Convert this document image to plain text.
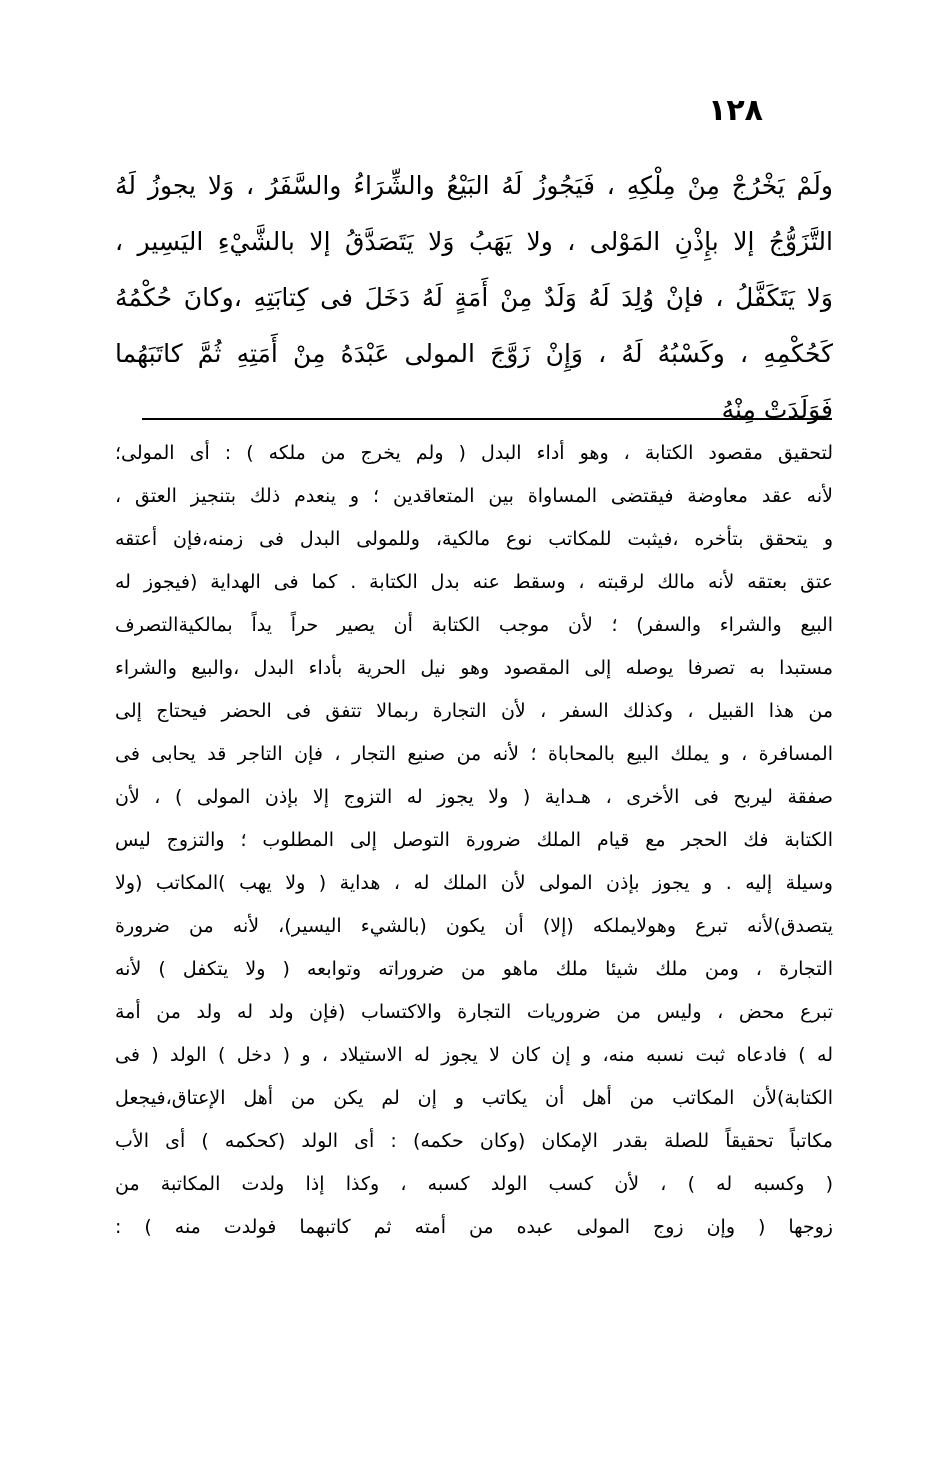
١٢٨
ولَمْ يَخْرُجْ مِنْ مِلْكِهِ ، فَيَجُوزُ لَهُ البَيْعُ والشِّرَاءُ والسَّفَرُ ، وَلا يجوزُ لَهُ
التَّزَوُّجُ إلا بإِذْنِ المَوْلى ، ولا يَهَبُ وَلا يَتَصَدَّقُ إلا بالشَّيْءِ اليَسِير ،
وَلا يَتَكَفَّلُ ، فإنْ وُلِدَ لَهُ وَلَدٌ مِنْ أَمَةٍ لَهُ دَخَلَ فى كِتابَتِهِ ،وكانَ حُكْمُهُ
كَحُكْمِهِ ، وكَسْبُهُ لَهُ ، وَإِنْ زَوَّجَ المولى عَبْدَهُ مِنْ أَمَتِهِ ثُمَّ كاتَبَهُما
فَوَلَدَتْ مِنْهُ
لتحقيق مقصود الكتابة ، وهو أداء البدل ( ولم يخرج من ملكه ) : أى المولى؛
لأنه عقد معاوضة فيقتضى المساواة بين المتعاقدين ؛ و ينعدم ذلك بتنجيز العتق ،
و يتحقق بتأخره ،فيثبت للمكاتب نوع مالكية، وللمولى البدل فى زمنه،فإن أعتقه
عتق بعتقه لأنه مالك لرقبته ، وسقط عنه بدل الكتابة . كما فى الهداية (فيجوز له
البيع والشراء والسفر) ؛ لأن موجب الكتابة أن يصير حراً يداً بمالكيةالتصرف
مستبدا به تصرفا يوصله إلى المقصود وهو نيل الحرية بأداء البدل ،والبيع والشراء
من هذا القبيل ، وكذلك السفر ، لأن التجارة ربمالا تتفق فى الحضر فيحتاج إلى
المسافرة ، و يملك البيع بالمحاباة ؛ لأنه من صنيع التجار ، فإن التاجر قد يحابى فى
صفقة ليربح فى الأخرى ، هـداية ( ولا يجوز له التزوج إلا بإذن المولى ) ، لأن
الكتابة فك الحجر مع قيام الملك ضرورة التوصل إلى المطلوب ؛ والتزوج ليس
وسيلة إليه . و يجوز بإذن المولى لأن الملك له ، هداية ( ولا يهب )المكاتب (ولا
يتصدق)لأنه تبرع وهولايملكه (إلا) أن يكون (بالشيء اليسير)، لأنه من ضرورة
التجارة ، ومن ملك شيئا ملك ماهو من ضروراته وتوابعه ( ولا يتكفل ) لأنه
تبرع محض ، وليس من ضروريات التجارة والاكتساب (فإن ولد له ولد من أمة
له ) فادعاه ثبت نسبه منه، و إن كان لا يجوز له الاستيلاد ، و ( دخل ) الولد ( فى
الكتابة)لأن المكاتب من أهل أن يكاتب و إن لم يكن من أهل الإعتاق،فيجعل
مكاتباً تحقيقاً للصلة بقدر الإمكان (وكان حكمه) : أى الولد (كحكمه ) أى الأب
( وكسبه له ) ، لأن كسب الولد كسبه ، وكذا إذا ولدت المكاتبة من
زوجها ( وإن زوج المولى عبده من أمته ثم كاتبهما فولدت منه ) :
